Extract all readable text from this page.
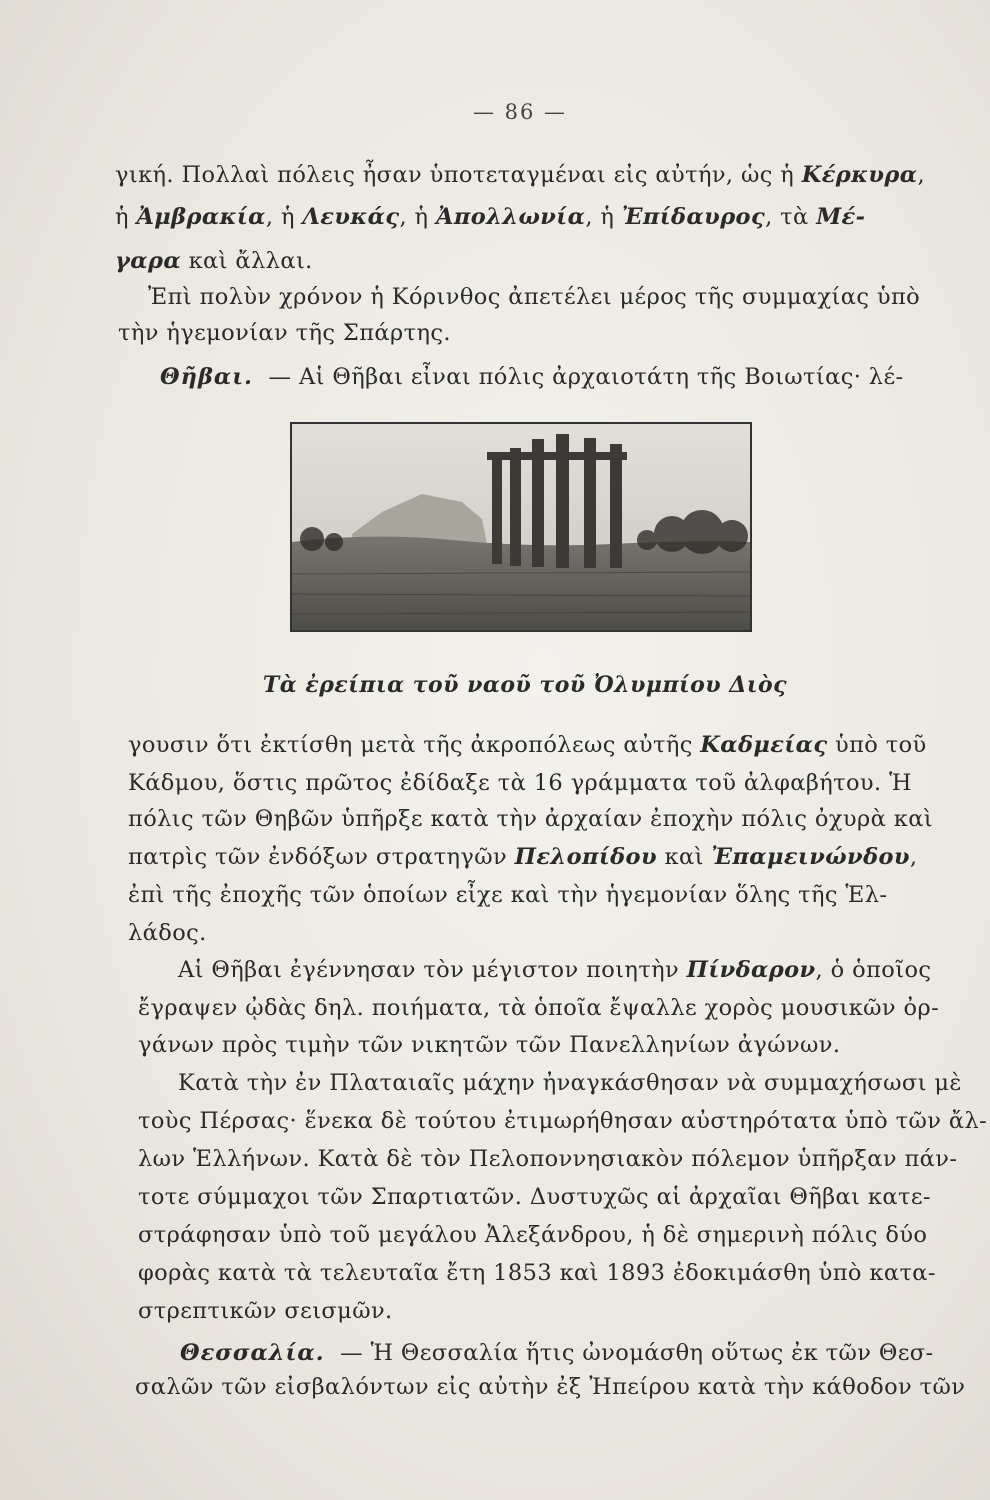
— 86 —
γική. Πολλαὶ πόλεις ἦσαν ὑποτεταγμέναι εἰς αὐτήν, ὡς ἡ Κέρκυρα,
ἡ Ἀμβρακία, ἡ Λευκάς, ἡ Ἀπολλωνία, ἡ Ἐπίδαυρος, τὰ Μέ-
γαρα καὶ ἄλλαι.
Ἐπὶ πολὺν χρόνον ἡ Κόρινθος ἀπετέλει μέρος τῆς συμμαχίας ὑπὸ
τὴν ἡγεμονίαν τῆς Σπάρτης.
Θῆβαι. — Αἱ Θῆβαι εἶναι πόλις ἀρχαιοτάτη τῆς Βοιωτίας· λέ-
Τὰ ἐρείπια τοῦ ναοῦ τοῦ Ὀλυμπίου Διὸς
γουσιν ὅτι ἐκτίσθη μετὰ τῆς ἀκροπόλεως αὐτῆς Καδμείας ὑπὸ τοῦ
Κάδμου, ὅστις πρῶτος ἐδίδαξε τὰ 16 γράμματα τοῦ ἀλφαβήτου. Ἡ
πόλις τῶν Θηβῶν ὑπῆρξε κατὰ τὴν ἀρχαίαν ἐποχὴν πόλις ὀχυρὰ καὶ
πατρὶς τῶν ἐνδόξων στρατηγῶν Πελοπίδου καὶ Ἐπαμεινώνδου,
ἐπὶ τῆς ἐποχῆς τῶν ὁποίων εἶχε καὶ τὴν ἡγεμονίαν ὅλης τῆς Ἑλ-
λάδος.
Αἱ Θῆβαι ἐγέννησαν τὸν μέγιστον ποιητὴν Πίνδαρον, ὁ ὁποῖος
ἔγραψεν ᾠδὰς δηλ. ποιήματα, τὰ ὁποῖα ἔψαλλε χορὸς μουσικῶν ὀρ-
γάνων πρὸς τιμὴν τῶν νικητῶν τῶν Πανελληνίων ἀγώνων.
Κατὰ τὴν ἐν Πλαταιαῖς μάχην ἠναγκάσθησαν νὰ συμμαχήσωσι μὲ
τοὺς Πέρσας· ἕνεκα δὲ τούτου ἐτιμωρήθησαν αὐστηρότατα ὑπὸ τῶν ἄλ-
λων Ἑλλήνων. Κατὰ δὲ τὸν Πελοποννησιακὸν πόλεμον ὑπῆρξαν πάν-
τοτε σύμμαχοι τῶν Σπαρτιατῶν. Δυστυχῶς αἱ ἀρχαῖαι Θῆβαι κατε-
στράφησαν ὑπὸ τοῦ μεγάλου Ἀλεξάνδρου, ἡ δὲ σημερινὴ πόλις δύο
φορὰς κατὰ τὰ τελευταῖα ἔτη 1853 καὶ 1893 ἐδοκιμάσθη ὑπὸ κατα-
στρεπτικῶν σεισμῶν.
Θεσσαλία. — Ἡ Θεσσαλία ἥτις ὠνομάσθη οὕτως ἐκ τῶν Θεσ-
σαλῶν τῶν εἰσβαλόντων εἰς αὐτὴν ἐξ Ἠπείρου κατὰ τὴν κάθοδον τῶν
